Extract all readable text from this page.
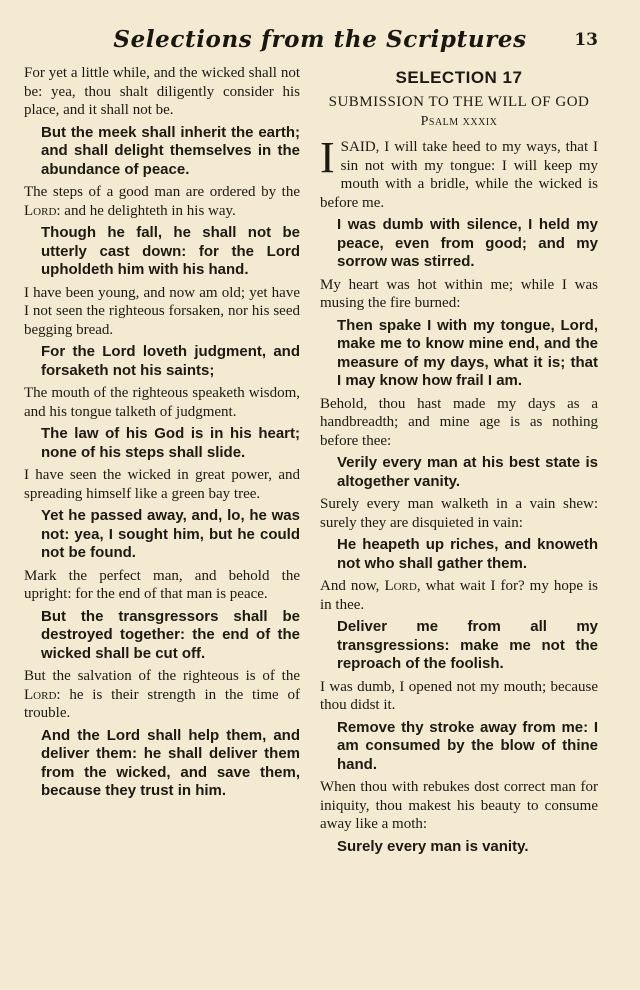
Selections from the Scriptures	13

For yet a little while, and the wicked shall not be: yea, thou shalt diligently consider his place, and it shall not be.

But the meek shall inherit the earth; and shall delight themselves in the abundance of peace.

The steps of a good man are ordered by the Lord: and he delighteth in his way.

Though he fall, he shall not be utterly cast down: for the Lord upholdeth him with his hand.

I have been young, and now am old; yet have I not seen the righteous forsaken, nor his seed begging bread.

For the Lord loveth judgment, and forsaketh not his saints;

The mouth of the righteous speaketh wisdom, and his tongue talketh of judgment.

The law of his God is in his heart; none of his steps shall slide.

I have seen the wicked in great power, and spreading himself like a green bay tree.

Yet he passed away, and, lo, he was not: yea, I sought him, but he could not be found.

Mark the perfect man, and behold the upright: for the end of that man is peace.

But the transgressors shall be destroyed together: the end of the wicked shall be cut off.

But the salvation of the righteous is of the Lord: he is their strength in the time of trouble.

And the Lord shall help them, and deliver them: he shall deliver them from the wicked, and save them, because they trust in him.

SELECTION 17
SUBMISSION TO THE WILL OF GOD
Psalm xxxix

ISAID, I will take heed to my ways, that I sin not with my tongue: I will keep my mouth with a bridle, while the wicked is before me.

I was dumb with silence, I held my peace, even from good; and my sorrow was stirred.

My heart was hot within me; while I was musing the fire burned:

Then spake I with my tongue, Lord, make me to know mine end, and the measure of my days, what it is; that I may know how frail I am.

Behold, thou hast made my days as a handbreadth; and mine age is as nothing before thee:

Verily every man at his best state is altogether vanity.

Surely every man walketh in a vain shew: surely they are disquieted in vain:

He heapeth up riches, and knoweth not who shall gather them.

And now, Lord, what wait I for? my hope is in thee.

Deliver me from all my transgressions: make me not the reproach of the foolish.

I was dumb, I opened not my mouth; because thou didst it.

Remove thy stroke away from me: I am consumed by the blow of thine hand.

When thou with rebukes dost correct man for iniquity, thou makest his beauty to consume away like a moth:

Surely every man is vanity.
